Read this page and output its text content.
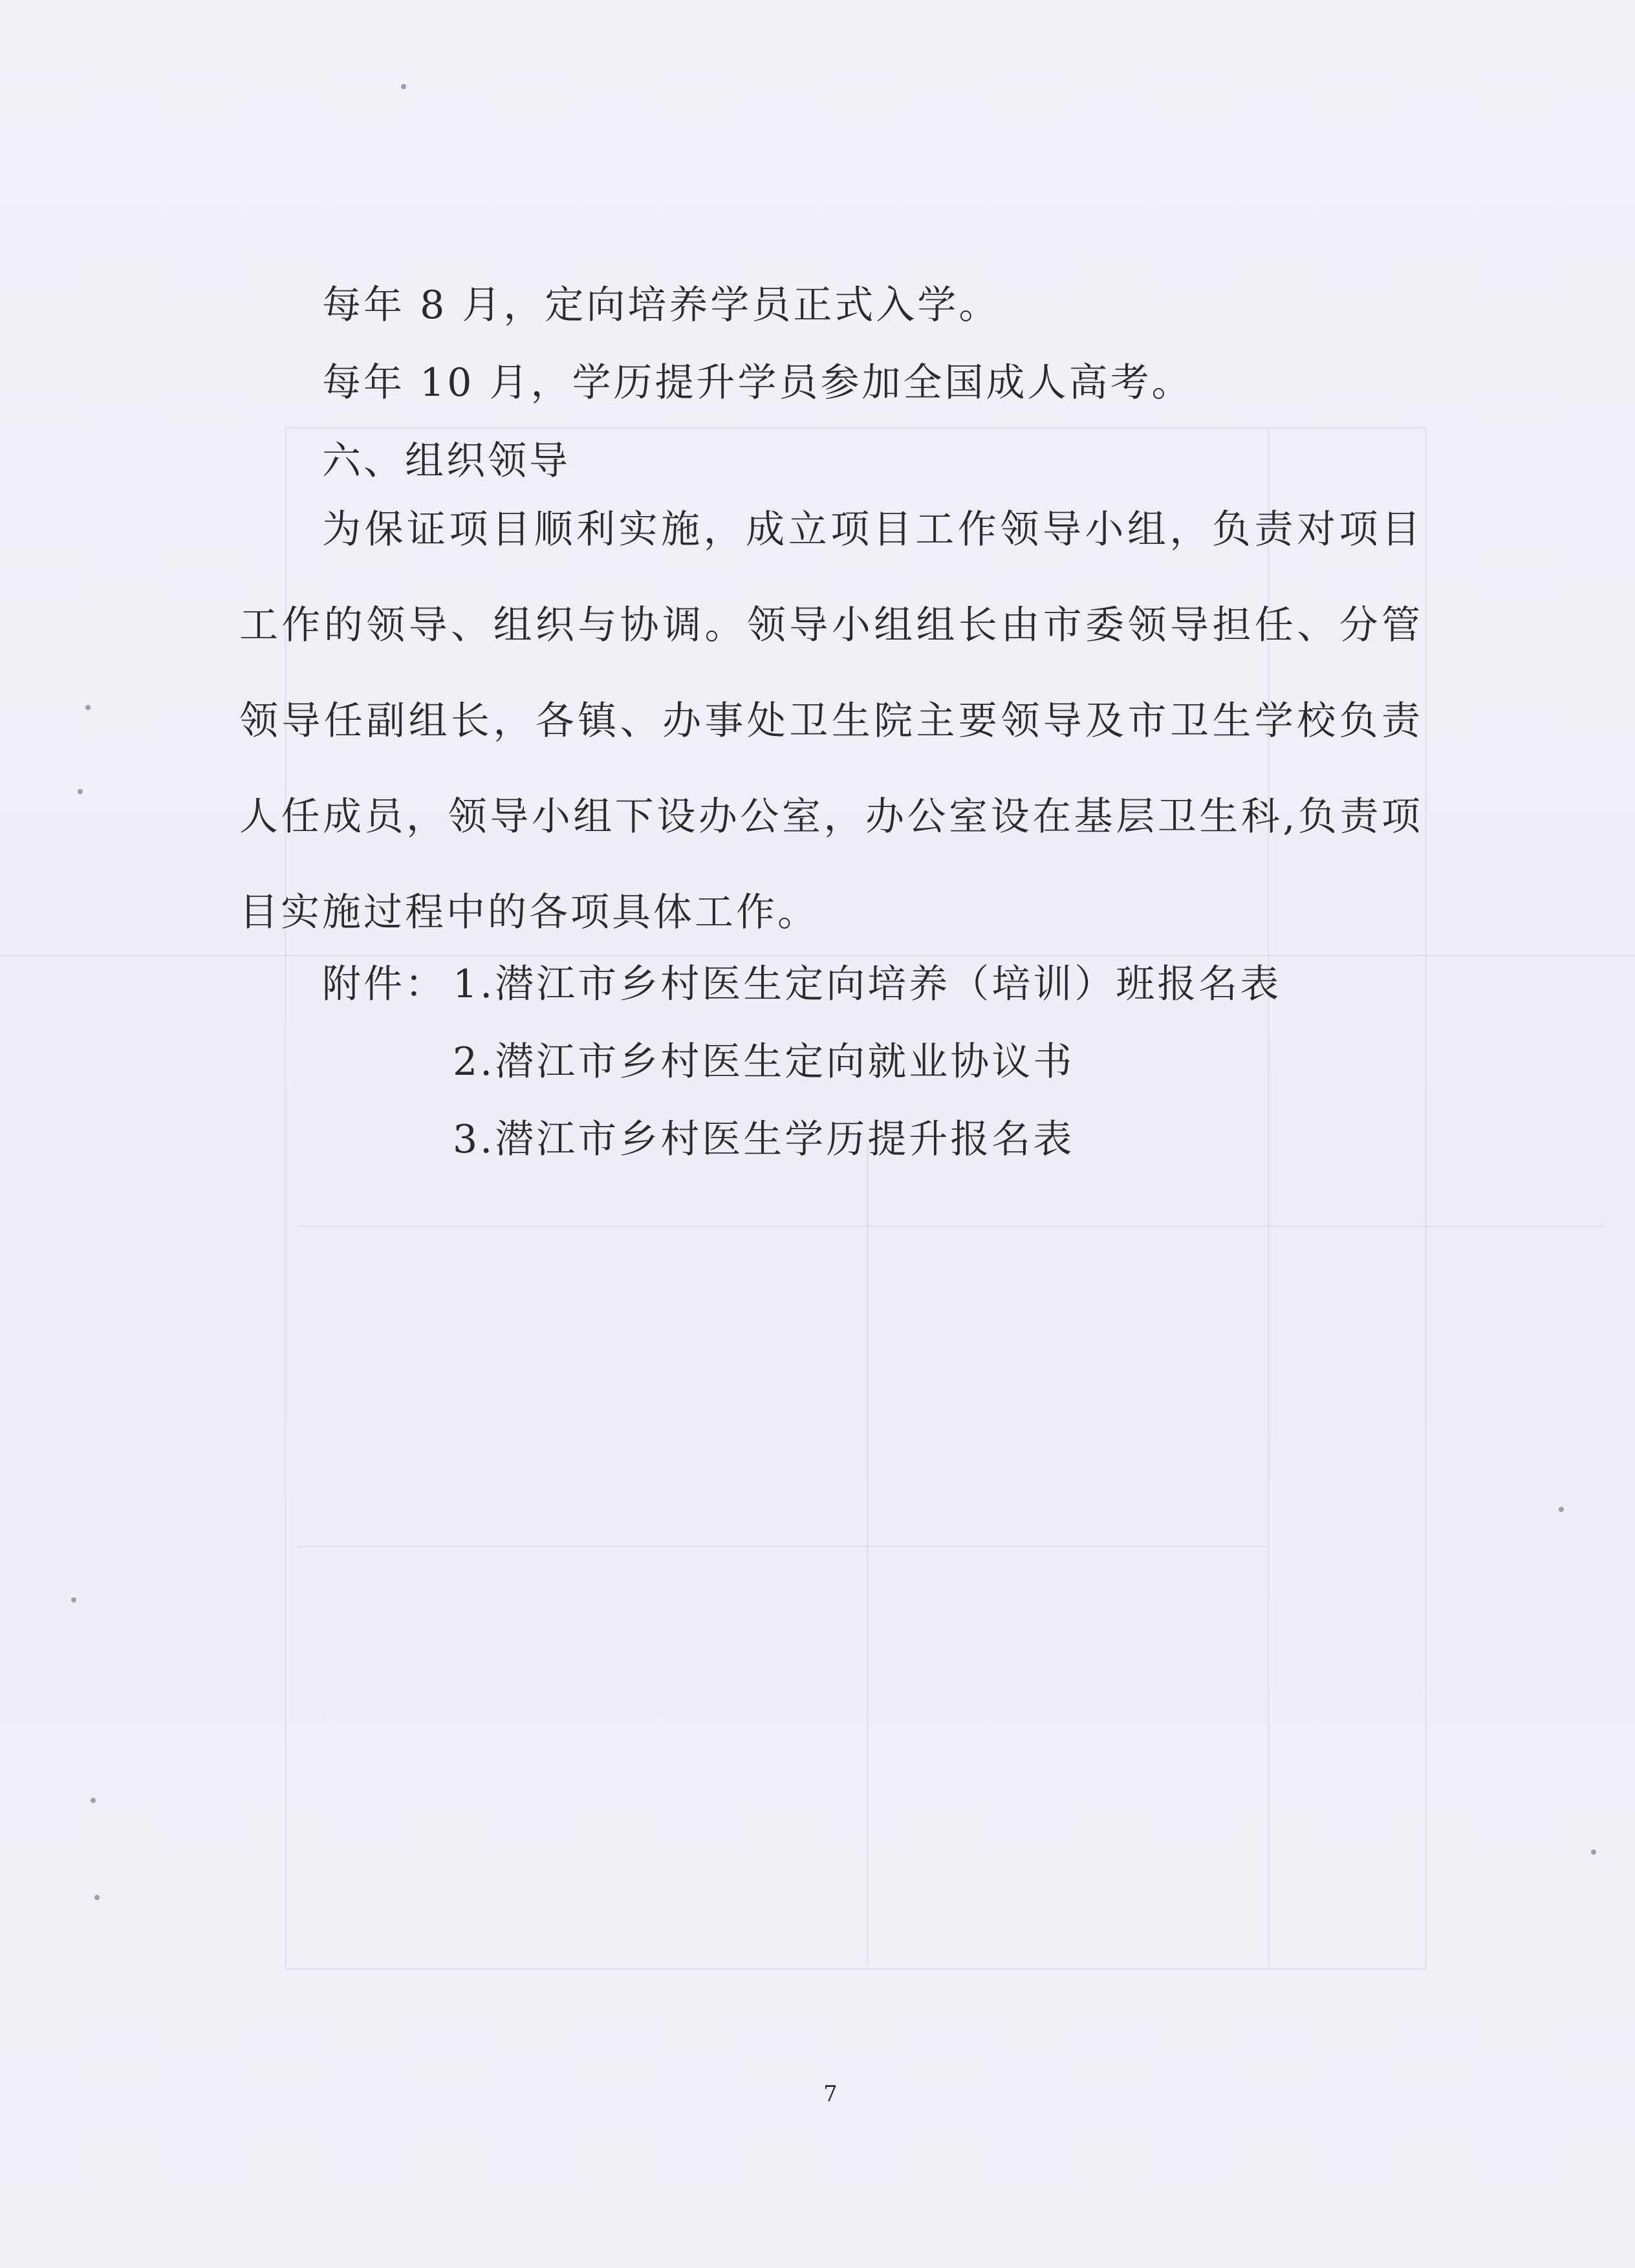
每年 8 月，定向培养学员正式入学。

每年 10 月，学历提升学员参加全国成人高考。

六、组织领导

为保证项目顺利实施，成立项目工作领导小组，负责对项目工作的领导、组织与协调。领导小组组长由市委领导担任、分管领导任副组长，各镇、办事处卫生院主要领导及市卫生学校负责人任成员，领导小组下设办公室，办公室设在基层卫生科,负责项目实施过程中的各项具体工作。

附件： 1.潜江市乡村医生定向培养（培训）班报名表
2.潜江市乡村医生定向就业协议书
3.潜江市乡村医生学历提升报名表
7
